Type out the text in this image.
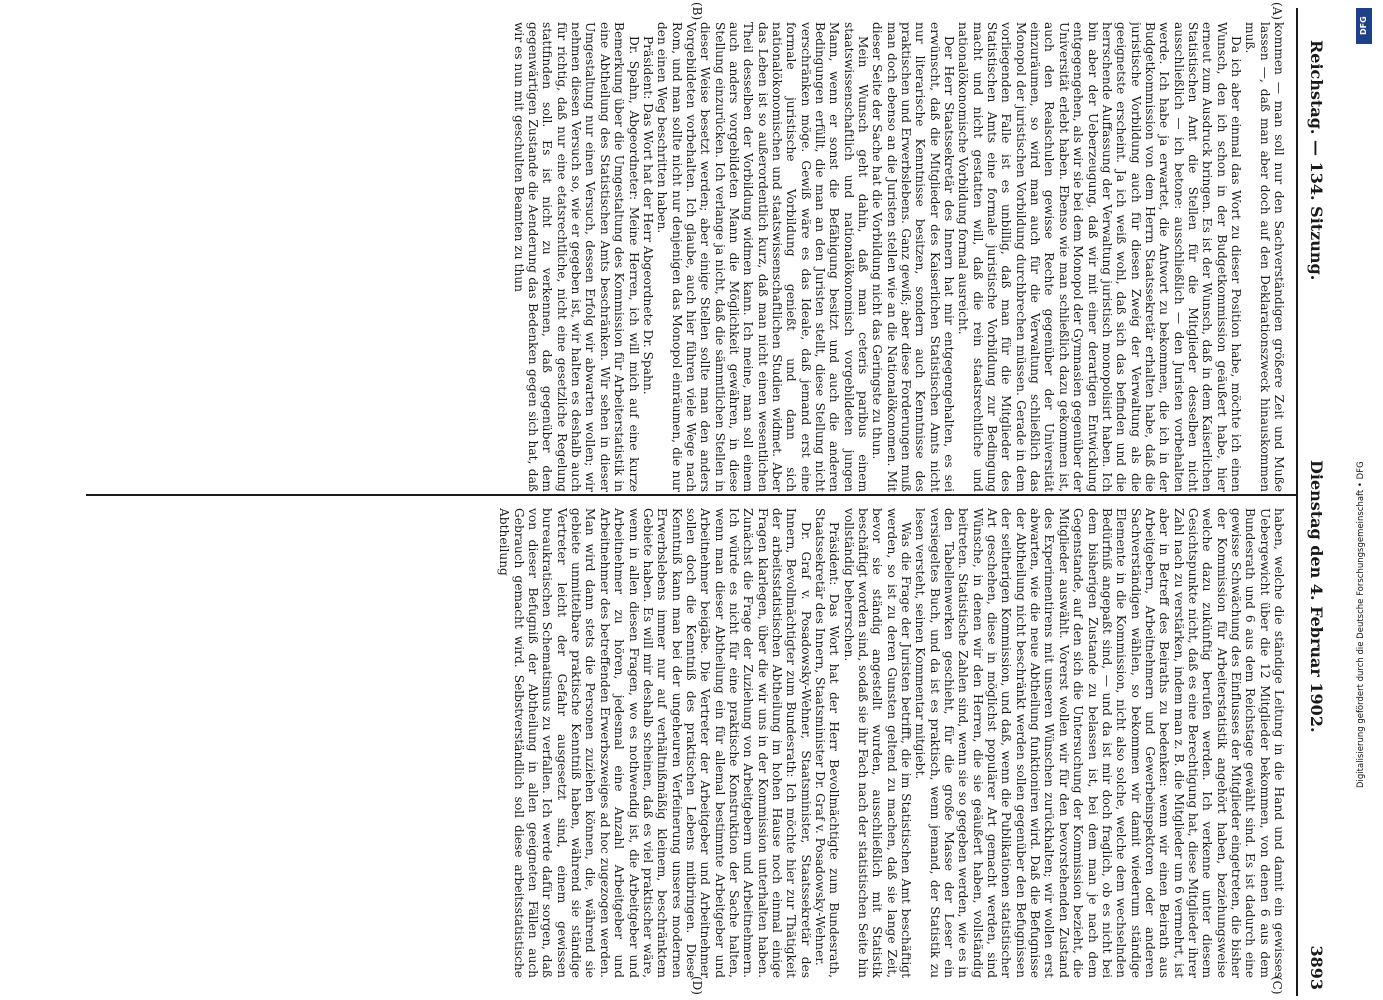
Reichstag. — 134. Sitzung.
Dienstag den 4. Februar 1902.
3893
(A)
(B)
(C)
(D)

kommen — man soll nur den Sachverständigen größere Zeit und Muße lassen —, daß man aber doch auf den Deklarationszweck hinauskommen muß.

Da ich aber einmal das Wort zu dieser Position habe, möchte ich einen Wunsch, den ich schon in der Budgetkommission geäußert habe, hier erneut zum Ausdruck bringen. Es ist der Wunsch, daß in dem Kaiserlichen Statistischen Amt die Stellen für die Mitglieder desselben nicht ausschließlich — ich betone: ausschließlich — den Juristen vorbehalten werde. Ich habe ja erwartet, die Antwort zu bekommen, die ich in der Budgetkommission von dem Herrn Staatssekretär erhalten habe, daß die juristische Vorbildung auch für diesen Zweig der Verwaltung als die geeignetste erscheint. Ja ich weiß wohl, daß sich das befinden und die herrschende Auffassung der Verwaltung juristisch monopolisirt haben. Ich bin aber der Ueberzeugung, daß wir mit einer derartigen Entwicklung entgegengehen, als wir sie bei dem Monopol der Gymnasien gegenüber der Universität erlebt haben. Ebenso wie man schließlich dazu gekommen ist, auch den Realschulen gewisse Rechte gegenüber der Universität einzuräumen, so wird man auch für die Verwaltung schließlich das Monopol der juristischen Vorbildung durchbrechen müssen. Gerade in dem vorliegenden Falle ist es unbillig, daß man für die Mitglieder des Statistischen Amts eine formale juristische Vorbildung zur Bedingung macht und nicht gestatten will, daß die rein staatsrechtliche und nationalökonomische Vorbildung formal ausreicht.

Der Herr Staatssekretär des Innern hat mir entgegengehalten, es sei erwünscht, daß die Mitglieder des Kaiserlichen Statistischen Amts nicht nur literarische Kenntnisse besitzen, sondern auch Kenntnisse des praktischen und Erwerbslebens. Ganz gewiß; aber diese Forderungen muß man doch ebenso an die Juristen stellen wie an die Nationalökonomen. Mit dieser Seite der Sache hat die Vorbildung nicht das Geringste zu thun.

Mein Wunsch geht dahin, daß man ceteris paribus einem staatswissenschaftlich und nationalökonomisch vorgebildeten jungen Mann, wenn er sonst die Befähigung besitzt und auch die anderen Bedingungen erfüllt, die man an den Juristen stellt, diese Stellung nicht verschränken möge. Gewiß wäre es das Ideale, daß jemand erst eine formale juristische Vorbildung genießt und dann sich nationalökonomischen und staatswissenschaftlichen Studien widmet. Aber das Leben ist so außerordentlich kurz, daß man nicht einen wesentlichen Theil desselben der Vorbildung widmen kann. Ich meine, man soll einem auch anders vorgebildeten Mann die Möglichkeit gewähren, in diese Stellung einzurücken. Ich verlange ja nicht, daß die sämmtlichen Stellen in dieser Weise besetzt werden; aber einige Stellen sollte man den anders Vorgebildeten vorbehalten. Ich glaube, auch hier führen viele Wege nach Rom, und man sollte nicht nur denjenigen das Monopol einräumen, die nur den einen Weg beschritten haben.

Präsident: Das Wort hat der Herr Abgeordnete Dr. Spahn.

Dr. Spahn, Abgeordneter: Meine Herren, ich will mich auf eine kurze Bemerkung über die Umgestaltung des Kommission für Arbeiterstatistik in eine Abtheilung des Statistischen Amts beschränken. Wir sehen in dieser Umgestaltung nur einen Versuch, dessen Erfolg wir abwarten wollen; wir nehmen diesen Versuch so, wie er gegeben ist, wir halten es deshalb auch für richtig, daß nur eine etatsrechtliche, nicht eine gesetzliche Regelung stattfinden soll. Es ist nicht zu verkennen, daß gegenüber dem gegenwärtigen Zustande die Aenderung das Bedenken gegen sich hat, daß wir es nun mit geschulten Beamten zu thun

haben, welche die ständige Leitung in die Hand und damit ein gewisses Uebergewicht über die 12 Mitglieder bekommen, von denen 6 aus dem Bundesrath und 6 aus dem Reichstage gewählt sind. Es ist dadurch eine gewisse Schwächung des Einflusses der Mitglieder eingetreten, die bisher der Kommission für Arbeiterstatistik angehört haben, beziehungsweise welche dazu zukünftig berufen werden. Ich verkenne unter diesem Gesichtspunkte nicht, daß es eine Berechtigung hat, diese Mitglieder ihrer Zahl nach zu verstärken, indem man z. B. die Mitglieder um 6 vermehrt, ist aber in Betreff des Beiraths zu bedenken: wenn wir einen Beirath aus Arbeitgebern, Arbeitnehmern und Gewerbeinspektoren oder anderen Sachverständigen wählen, so bekommen wir damit wiederum ständige Elemente in die Kommission, nicht also solche, welche dem wechselnden Bedürfniß angepaßt sind, — und da ist mir doch fraglich, ob es nicht bei dem bisherigen Zustande zu belassen ist, bei dem man je nach dem Gegenstande, auf den sich die Untersuchung der Kommission bezieht, die Mitglieder auswählt. Vorerst wollen wir für den bevorstehenden Zustand des Experimentirens mit unseren Wünschen zurückhalten; wir wollen erst abwarten, wie die neue Abtheilung funktioniren wird. Daß die Befugnisse der Abtheilung nicht beschränkt werden sollen gegenüber den Befugnissen der seitherigen Kommission, und daß, wenn die Publikationen statistischer Art geschehen, diese in möglichst populärer Art gemacht werden, sind Wünsche, in denen wir den Herren, die sie geäußert haben, vollständig beitreten. Statistische Zahlen sind, wenn sie so gegeben werden, wie es in den Tabellenwerken geschieht, für die große Masse der Leser ein versiegeltes Buch, und da ist es praktisch, wenn jemand, der Statistik zu lesen versteht, seinen Kommentar mitgiebt.

Was die Frage der Juristen betrifft, die im Statistischen Amt beschäftigt werden, so ist zu deren Gunsten geltend zu machen, daß sie lange Zeit, bevor sie ständig angestellt wurden, ausschließlich mit Statistik beschäftigt worden sind, sodaß sie ihr Fach nach der statistischen Seite hin vollständig beherrschen.

Präsident: Das Wort hat der Herr Bevollmächtigte zum Bundesrath, Staatssekretär des Innern, Staatsminister Dr. Graf v. Posadowsky-Wehner.

Dr. Graf v. Posadowsky-Wehner, Staatsminister, Staatssekretär des Innern, Bevollmächtigter zum Bundesrath: Ich möchte hier zur Thätigkeit der arbeitsstatistischen Abtheilung im hohen Hause noch einmal einige Fragen klarlegen, über die wir uns in der Kommission unterhalten haben. Zunächst die Frage der Zuziehung von Arbeitgebern und Arbeitnehmern. Ich würde es nicht für eine praktische Konstruktion der Sache halten, wenn man dieser Abtheilung ein für allemal bestimmte Arbeitgeber und Arbeitnehmer beigäbe. Die Vertreter der Arbeitgeber und Arbeitnehmer sollen doch die Kenntniß des praktischen Lebens mitbringen. Diese Kenntniß kann man bei der ungeheuren Verfeinerung unseres modernen Erwerbslebens immer nur auf verhältnißmäßig kleinem, beschränktem Gebiete haben. Es will mir deshalb scheinen, daß es viel praktischer wäre, wenn in allen diesen Fragen, wo es nothwendig ist, die Arbeitgeber und Arbeitnehmer zu hören, jedesmal eine Anzahl Arbeitgeber und Arbeitnehmer des betreffenden Erwerbszweiges ad hoc zugezogen werden. Man wird dann stets die Personen zuziehen können, die, während sie gebiete unmittelbare praktische Kenntniß haben, während sie ständige Vertreter leicht der Gefahr ausgesetzt sind, einem gewissen bureaukratischen Schematismus zu verfallen. Ich werde dafür sorgen, daß von dieser Befugniß der Abtheilung in allen geeigneten Fällen auch Gebrauch gemacht wird. Selbstverständlich soll diese arbeitsstatistische Abtheilung

DFG
Digitalisierung gefördert durch die Deutsche Forschungsgemeinschaft • DFG
